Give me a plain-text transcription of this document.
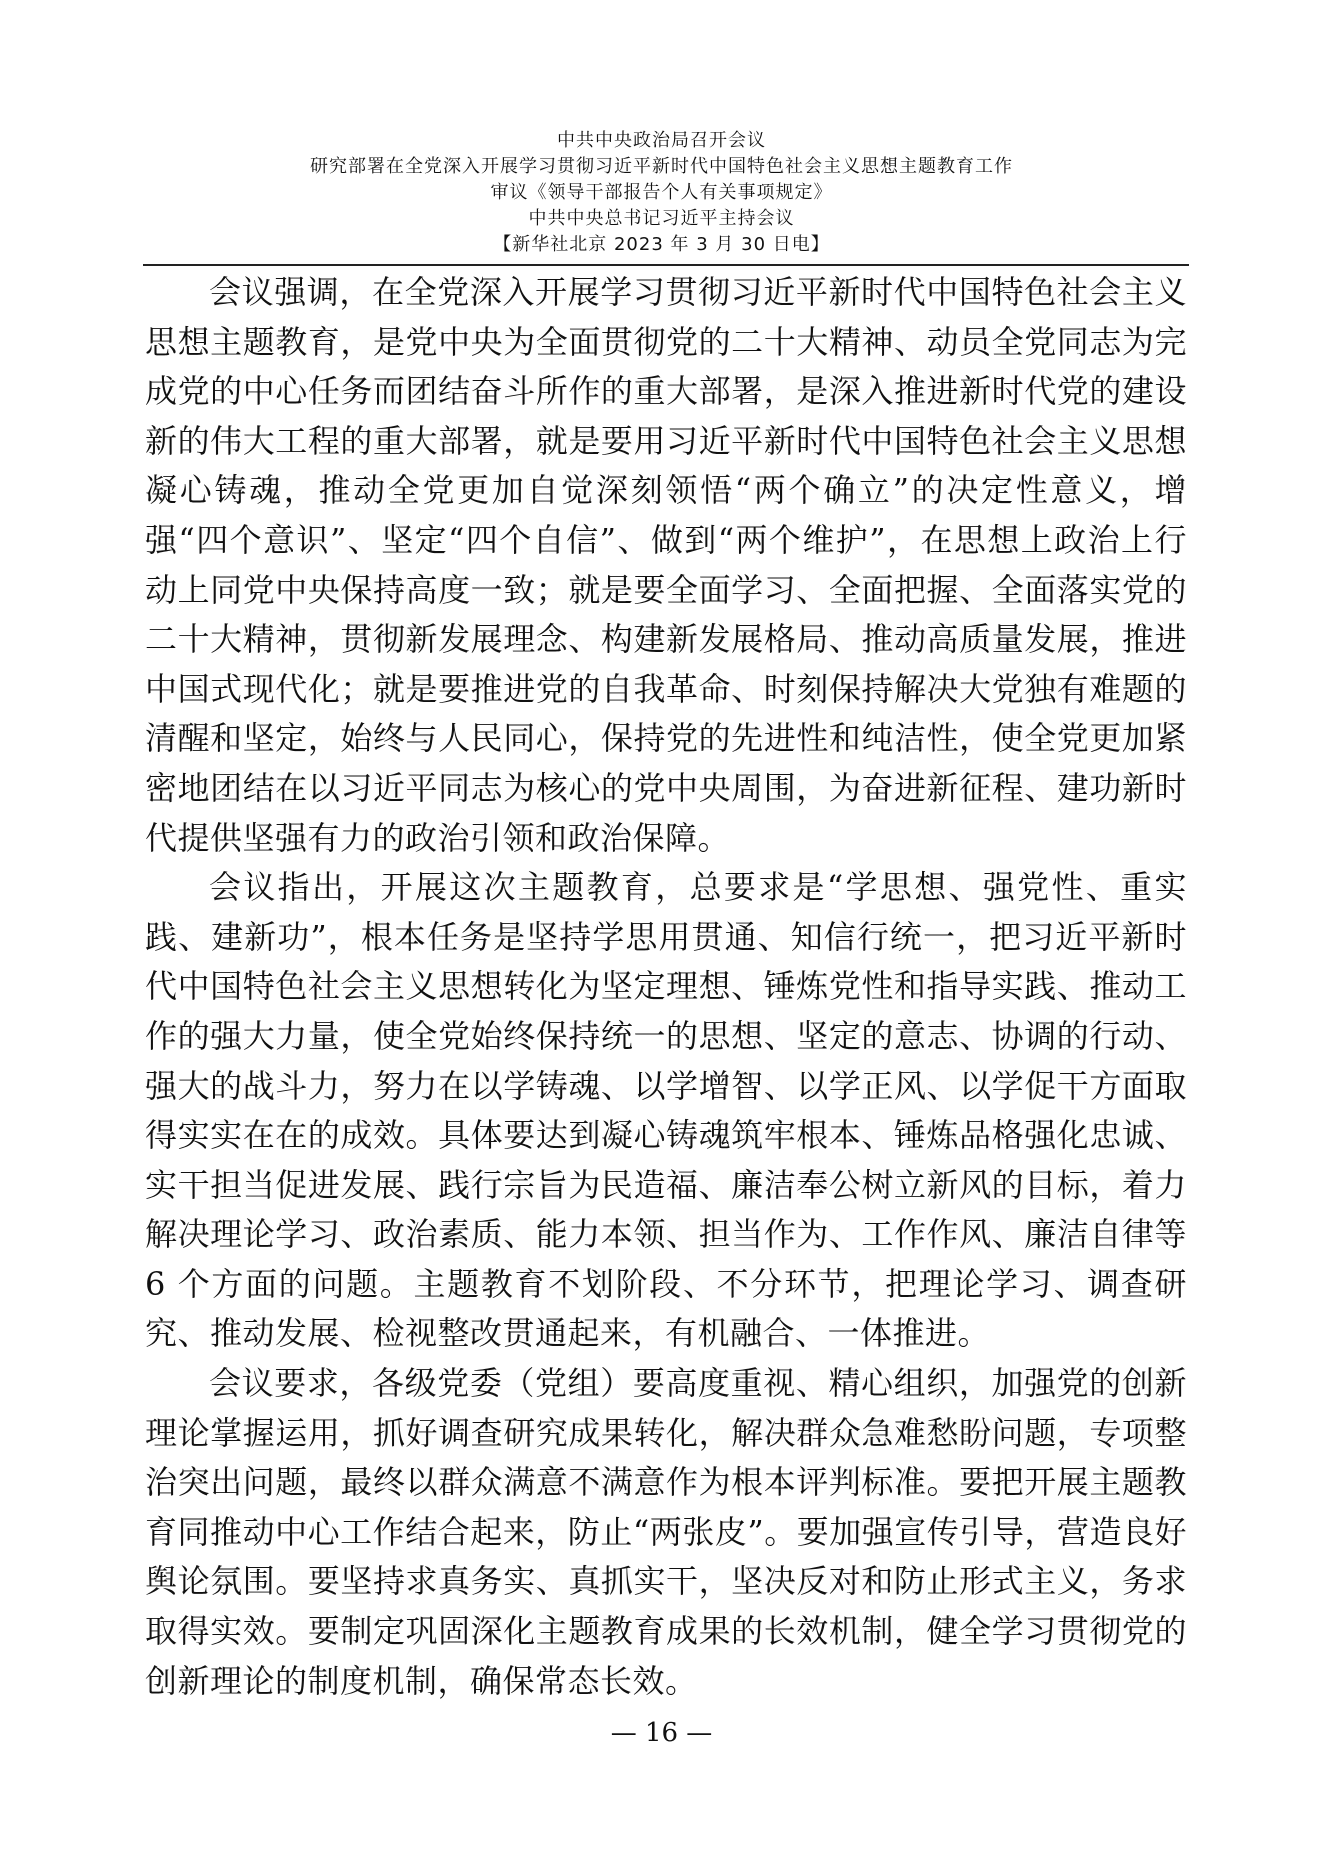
中共中央政治局召开会议
研究部署在全党深入开展学习贯彻习近平新时代中国特色社会主义思想主题教育工作
审议《领导干部报告个人有关事项规定》
中共中央总书记习近平主持会议
【新华社北京 2023 年 3 月 30 日电】

会议强调，在全党深入开展学习贯彻习近平新时代中国特色社会主义思想主题教育，是党中央为全面贯彻党的二十大精神、动员全党同志为完成党的中心任务而团结奋斗所作的重大部署，是深入推进新时代党的建设新的伟大工程的重大部署，就是要用习近平新时代中国特色社会主义思想凝心铸魂，推动全党更加自觉深刻领悟“两个确立”的决定性意义，增强“四个意识”、坚定“四个自信”、做到“两个维护”，在思想上政治上行动上同党中央保持高度一致；就是要全面学习、全面把握、全面落实党的二十大精神，贯彻新发展理念、构建新发展格局、推动高质量发展，推进中国式现代化；就是要推进党的自我革命、时刻保持解决大党独有难题的清醒和坚定，始终与人民同心，保持党的先进性和纯洁性，使全党更加紧密地团结在以习近平同志为核心的党中央周围，为奋进新征程、建功新时代提供坚强有力的政治引领和政治保障。

会议指出，开展这次主题教育，总要求是“学思想、强党性、重实践、建新功”，根本任务是坚持学思用贯通、知信行统一，把习近平新时代中国特色社会主义思想转化为坚定理想、锤炼党性和指导实践、推动工作的强大力量，使全党始终保持统一的思想、坚定的意志、协调的行动、强大的战斗力，努力在以学铸魂、以学增智、以学正风、以学促干方面取得实实在在的成效。具体要达到凝心铸魂筑牢根本、锤炼品格强化忠诚、实干担当促进发展、践行宗旨为民造福、廉洁奉公树立新风的目标，着力解决理论学习、政治素质、能力本领、担当作为、工作作风、廉洁自律等 6 个方面的问题。主题教育不划阶段、不分环节，把理论学习、调查研究、推动发展、检视整改贯通起来，有机融合、一体推进。

会议要求，各级党委（党组）要高度重视、精心组织，加强党的创新理论掌握运用，抓好调查研究成果转化，解决群众急难愁盼问题，专项整治突出问题，最终以群众满意不满意作为根本评判标准。要把开展主题教育同推动中心工作结合起来，防止“两张皮”。要加强宣传引导，营造良好舆论氛围。要坚持求真务实、真抓实干，坚决反对和防止形式主义，务求取得实效。要制定巩固深化主题教育成果的长效机制，健全学习贯彻党的创新理论的制度机制，确保常态长效。

— 16 —
